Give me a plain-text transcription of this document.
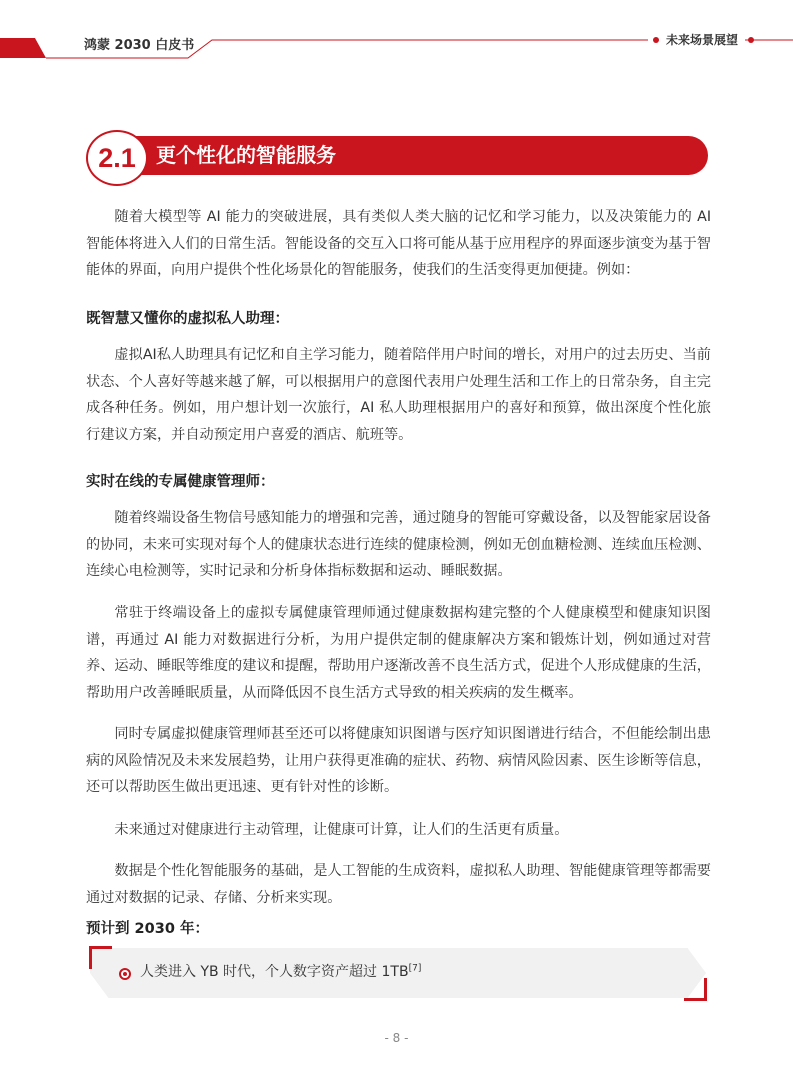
鸿蒙 2030 白皮书	未来场景展望
2.1 更个性化的智能服务

随着大模型等 AI 能力的突破进展，具有类似人类大脑的记忆和学习能力，以及决策能力的 AI 智能体将进入人们的日常生活。智能设备的交互入口将可能从基于应用程序的界面逐步演变为基于智能体的界面，向用户提供个性化场景化的智能服务，使我们的生活变得更加便捷。例如：

既智慧又懂你的虚拟私人助理：

虚拟AI私人助理具有记忆和自主学习能力，随着陪伴用户时间的增长，对用户的过去历史、当前状态、个人喜好等越来越了解，可以根据用户的意图代表用户处理生活和工作上的日常杂务，自主完成各种任务。例如，用户想计划一次旅行，AI 私人助理根据用户的喜好和预算，做出深度个性化旅行建议方案，并自动预定用户喜爱的酒店、航班等。

实时在线的专属健康管理师：

随着终端设备生物信号感知能力的增强和完善，通过随身的智能可穿戴设备，以及智能家居设备的协同，未来可实现对每个人的健康状态进行连续的健康检测，例如无创血糖检测、连续血压检测、连续心电检测等，实时记录和分析身体指标数据和运动、睡眠数据。

常驻于终端设备上的虚拟专属健康管理师通过健康数据构建完整的个人健康模型和健康知识图谱，再通过 AI 能力对数据进行分析，为用户提供定制的健康解决方案和锻炼计划，例如通过对营养、运动、睡眠等维度的建议和提醒，帮助用户逐渐改善不良生活方式，促进个人形成健康的生活，帮助用户改善睡眠质量，从而降低因不良生活方式导致的相关疾病的发生概率。

同时专属虚拟健康管理师甚至还可以将健康知识图谱与医疗知识图谱进行结合，不但能绘制出患病的风险情况及未来发展趋势，让用户获得更准确的症状、药物、病情风险因素、医生诊断等信息，还可以帮助医生做出更迅速、更有针对性的诊断。

未来通过对健康进行主动管理，让健康可计算，让人们的生活更有质量。

数据是个性化智能服务的基础，是人工智能的生成资料，虚拟私人助理、智能健康管理等都需要通过对数据的记录、存储、分析来实现。

预计到 2030 年：

人类进入 YB 时代，个人数字资产超过 1TB[7]
- 8 -
